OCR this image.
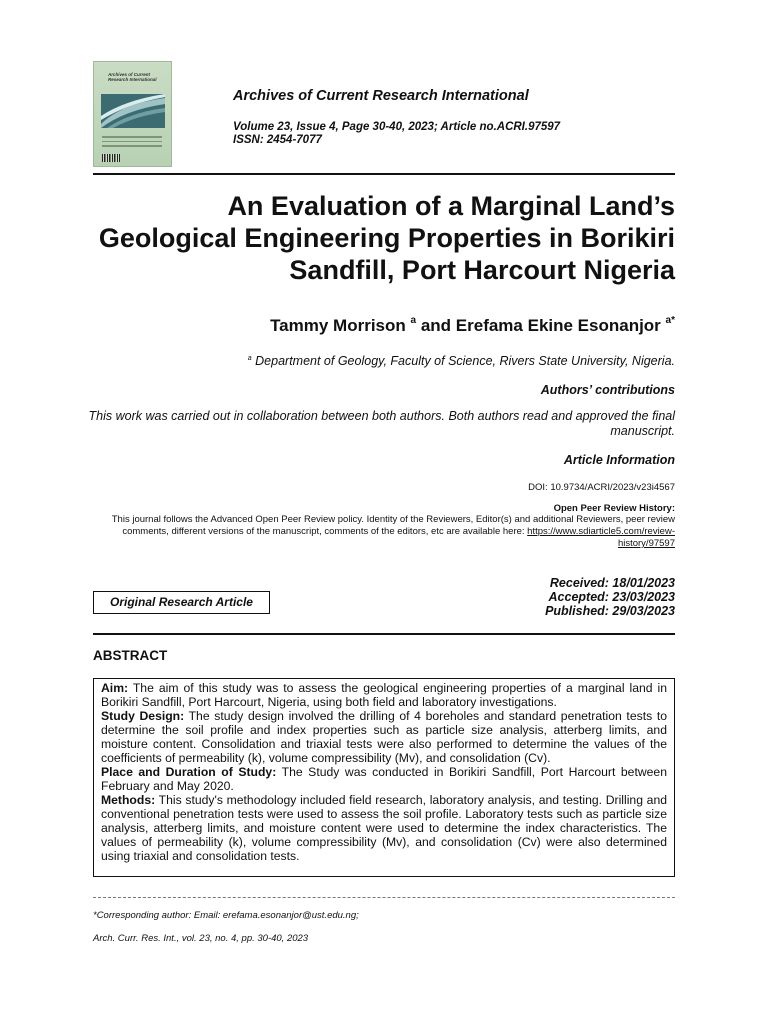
Archives of Current Research International
Archives of Current Research International
Volume 23, Issue 4, Page 30-40, 2023; Article no.ACRI.97597
ISSN: 2454-7077
An Evaluation of a Marginal Land’s Geological Engineering Properties in Borikiri Sandfill, Port Harcourt Nigeria
Tammy Morrison $^a$ and Erefama Ekine Esonanjor $^{a*}$
$^a$ Department of Geology, Faculty of Science, Rivers State University, Nigeria.
Authors’ contributions
This work was carried out in collaboration between both authors. Both authors read and approved the final manuscript.
Article Information
DOI: 10.9734/ACRI/2023/v23i4567
Open Peer Review History:
This journal follows the Advanced Open Peer Review policy. Identity of the Reviewers, Editor(s) and additional Reviewers, peer review comments, different versions of the manuscript, comments of the editors, etc are available here: https://www.sdiarticle5.com/review-history/97597
Original Research Article
Received: 18/01/2023
Accepted: 23/03/2023
Published: 29/03/2023
ABSTRACT

Aim: The aim of this study was to assess the geological engineering properties of a marginal land in Borikiri Sandfill, Port Harcourt, Nigeria, using both field and laboratory investigations.

Study Design: The study design involved the drilling of 4 boreholes and standard penetration tests to determine the soil profile and index properties such as particle size analysis, atterberg limits, and moisture content. Consolidation and triaxial tests were also performed to determine the values of the coefficients of permeability (k), volume compressibility (Mv), and consolidation (Cv).

Place and Duration of Study: The Study was conducted in Borikiri Sandfill, Port Harcourt between February and May 2020.

Methods: This study's methodology included field research, laboratory analysis, and testing. Drilling and conventional penetration tests were used to assess the soil profile. Laboratory tests such as particle size analysis, atterberg limits, and moisture content were used to determine the index characteristics. The values of permeability (k), volume compressibility (Mv), and consolidation (Cv) were also determined using triaxial and consolidation tests.

*Corresponding author: Email: erefama.esonanjor@ust.edu.ng;
Arch. Curr. Res. Int., vol. 23, no. 4, pp. 30-40, 2023
